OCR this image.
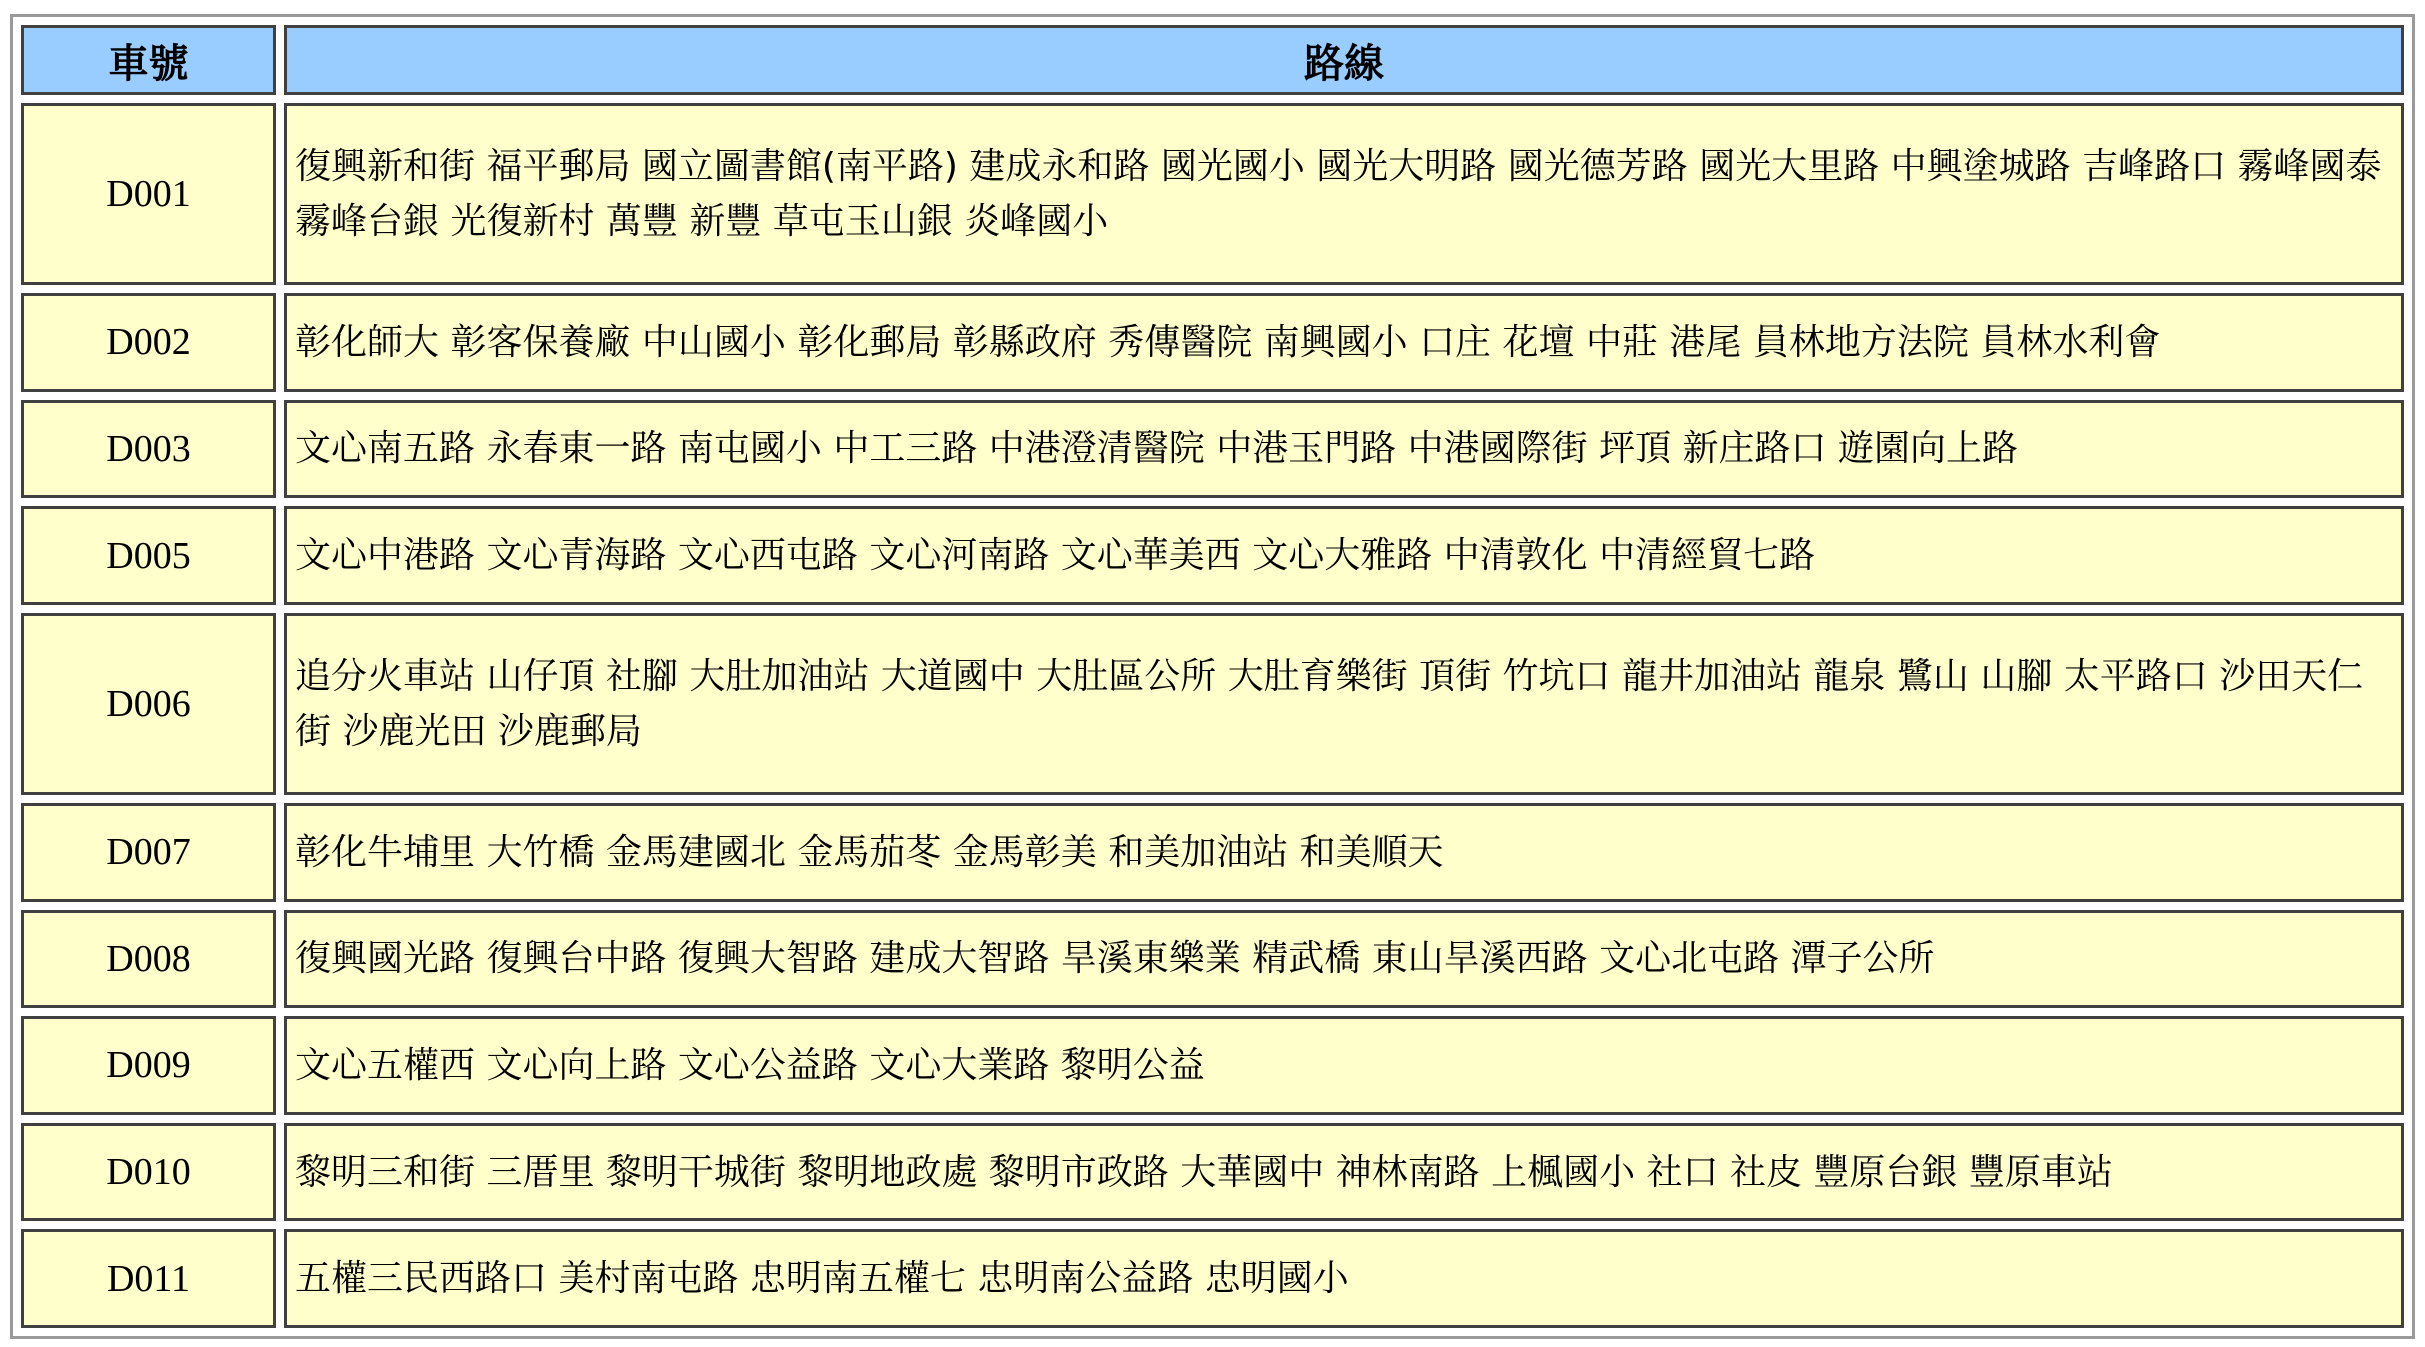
車號	路線
D001	復興新和街 福平郵局 國立圖書館(南平路) 建成永和路 國光國小 國光大明路 國光德芳路 國光大里路 中興塗城路 吉峰路口 霧峰國泰 霧峰台銀 光復新村 萬豐 新豐 草屯玉山銀 炎峰國小
D002	彰化師大 彰客保養廠 中山國小 彰化郵局 彰縣政府 秀傳醫院 南興國小 口庄 花壇 中莊 港尾 員林地方法院 員林水利會
D003	文心南五路 永春東一路 南屯國小 中工三路 中港澄清醫院 中港玉門路 中港國際街 坪頂 新庄路口 遊園向上路
D005	文心中港路 文心青海路 文心西屯路 文心河南路 文心華美西 文心大雅路 中清敦化 中清經貿七路
D006	追分火車站 山仔頂 社腳 大肚加油站 大道國中 大肚區公所 大肚育樂街 頂街 竹坑口 龍井加油站 龍泉 鷺山 山腳 太平路口 沙田天仁街 沙鹿光田 沙鹿郵局
D007	彰化牛埔里 大竹橋 金馬建國北 金馬茄苳 金馬彰美 和美加油站 和美順天
D008	復興國光路 復興台中路 復興大智路 建成大智路 旱溪東樂業 精武橋 東山旱溪西路 文心北屯路 潭子公所
D009	文心五權西 文心向上路 文心公益路 文心大業路 黎明公益
D010	黎明三和街 三厝里 黎明干城街 黎明地政處 黎明市政路 大華國中 神林南路 上楓國小 社口 社皮 豐原台銀 豐原車站
D011	五權三民西路口 美村南屯路 忠明南五權七 忠明南公益路 忠明國小
